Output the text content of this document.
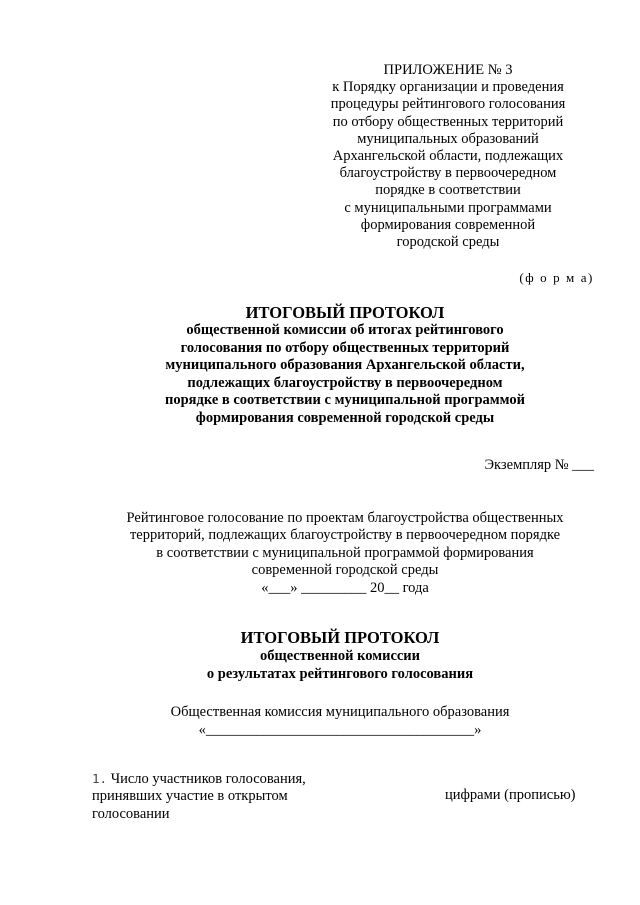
ПРИЛОЖЕНИЕ № 3
к Порядку организации и проведения
процедуры рейтингового голосования
по отбору общественных территорий
муниципальных образований
Архангельской области, подлежащих
благоустройству в первоочередном
порядке в соответствии
с муниципальными программами
формирования современной
городской среды
(ф о р м а)
ИТОГОВЫЙ ПРОТОКОЛ
общественной комиссии об итогах рейтингового
голосования по отбору общественных территорий
муниципального образования Архангельской области,
подлежащих благоустройству в первоочередном
порядке в соответствии с муниципальной программой
формирования современной городской среды
Экземпляр № ___
Рейтинговое голосование по проектам благоустройства общественных
территорий, подлежащих благоустройству в первоочередном порядке
в соответствии с муниципальной программой формирования
современной городской среды
«___» _________ 20__ года
ИТОГОВЫЙ ПРОТОКОЛ
общественной комиссии
о результатах рейтингового голосования
Общественная комиссия муниципального образования
«_____________________________________»
1. Число участников голосования,
принявших участие в открытом
голосовании
цифрами (прописью)
